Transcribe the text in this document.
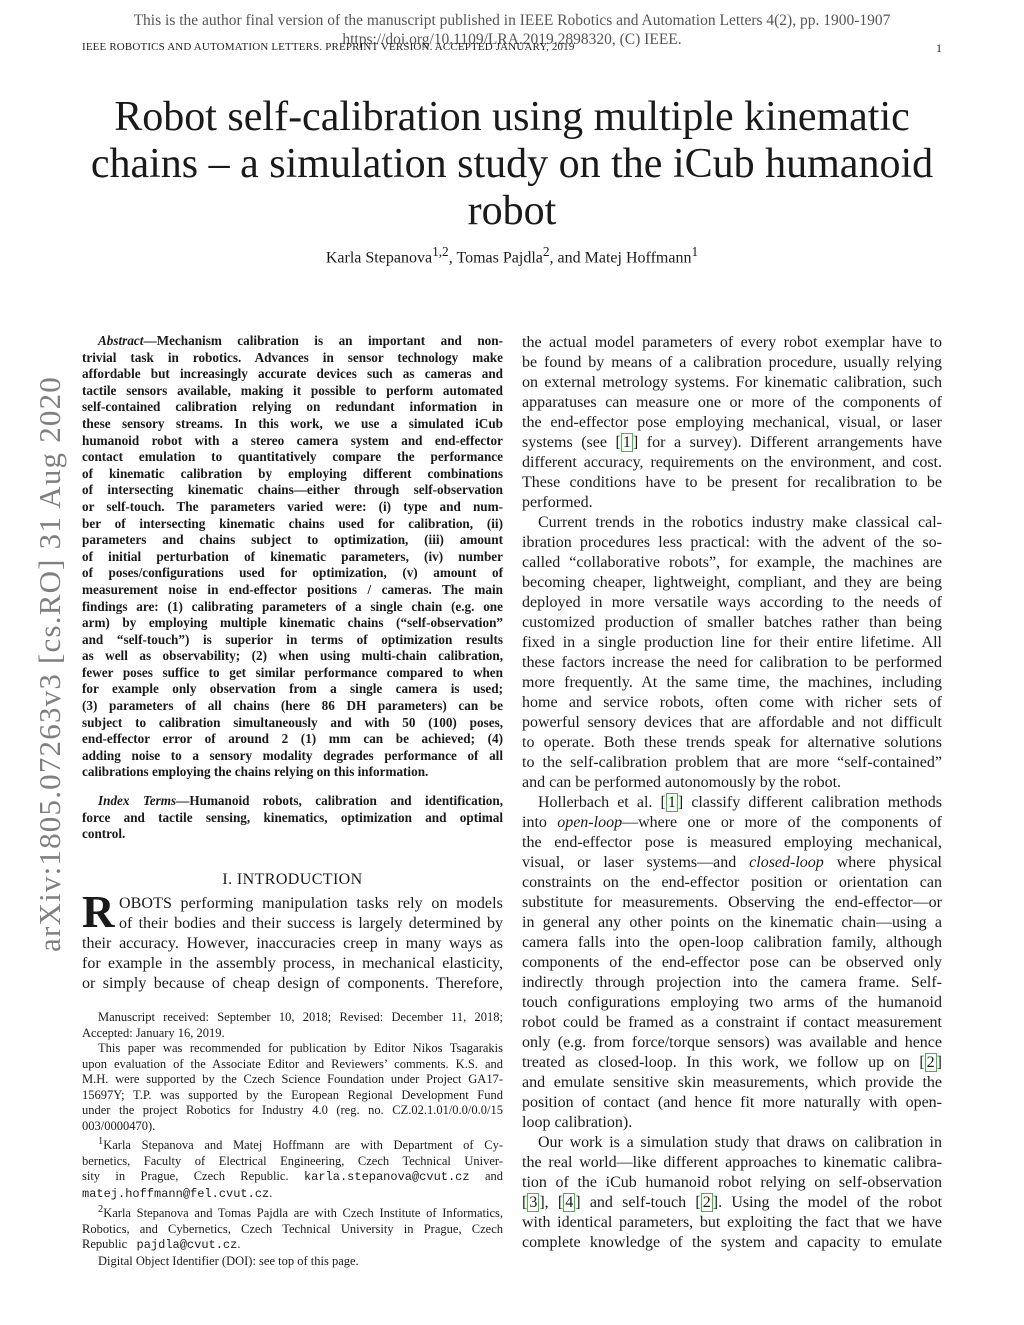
This is the author final version of the manuscript published in IEEE Robotics and Automation Letters 4(2), pp. 1900-1907
https://doi.org/10.1109/LRA.2019.2898320, (C) IEEE.
IEEE ROBOTICS AND AUTOMATION LETTERS. PREPRINT VERSION. ACCEPTED JANUARY, 2019	1
arXiv:1805.07263v3 [cs.RO] 31 Aug 2020
Robot self-calibration using multiple kinematic
chains – a simulation study on the iCub humanoid
robot
Karla Stepanova$^{1,2}$, Tomas Pajdla$^2$, and Matej Hoffmann$^1$
Abstract—Mechanism calibration is an important and non-
trivial task in robotics. Advances in sensor technology make
affordable but increasingly accurate devices such as cameras and
tactile sensors available, making it possible to perform automated
self-contained calibration relying on redundant information in
these sensory streams. In this work, we use a simulated iCub
humanoid robot with a stereo camera system and end-effector
contact emulation to quantitatively compare the performance
of kinematic calibration by employing different combinations
of intersecting kinematic chains—either through self-observation
or self-touch. The parameters varied were: (i) type and num-
ber of intersecting kinematic chains used for calibration, (ii)
parameters and chains subject to optimization, (iii) amount
of initial perturbation of kinematic parameters, (iv) number
of poses/configurations used for optimization, (v) amount of
measurement noise in end-effector positions / cameras. The main
findings are: (1) calibrating parameters of a single chain (e.g. one
arm) by employing multiple kinematic chains (“self-observation”
and “self-touch”) is superior in terms of optimization results
as well as observability; (2) when using multi-chain calibration,
fewer poses suffice to get similar performance compared to when
for example only observation from a single camera is used;
(3) parameters of all chains (here 86 DH parameters) can be
subject to calibration simultaneously and with 50 (100) poses,
end-effector error of around 2 (1) mm can be achieved; (4)
adding noise to a sensory modality degrades performance of all
calibrations employing the chains relying on this information.
Index Terms—Humanoid robots, calibration and identification,
force and tactile sensing, kinematics, optimization and optimal
control.
I. INTRODUCTION
R OBOTS performing manipulation tasks rely on models
of their bodies and their success is largely determined by
their accuracy. However, inaccuracies creep in many ways as
for example in the assembly process, in mechanical elasticity,
or simply because of cheap design of components. Therefore,
Manuscript received: September 10, 2018; Revised: December 11, 2018;
Accepted: January 16, 2019.
This paper was recommended for publication by Editor Nikos Tsagarakis
upon evaluation of the Associate Editor and Reviewers’ comments. K.S. and
M.H. were supported by the Czech Science Foundation under Project GA17-
15697Y; T.P. was supported by the European Regional Development Fund
under the project Robotics for Industry 4.0 (reg. no. CZ.02.1.01/0.0/0.0/15
003/0000470).
$^1$Karla Stepanova and Matej Hoffmann are with Department of Cy-
bernetics, Faculty of Electrical Engineering, Czech Technical Univer-
sity in Prague, Czech Republic. karla.stepanova@cvut.cz and
matej.hoffmann@fel.cvut.cz.
$^2$Karla Stepanova and Tomas Pajdla are with Czech Institute of Informatics,
Robotics, and Cybernetics, Czech Technical University in Prague, Czech
Republic pajdla@cvut.cz.
Digital Object Identifier (DOI): see top of this page.
the actual model parameters of every robot exemplar have to
be found by means of a calibration procedure, usually relying
on external metrology systems. For kinematic calibration, such
apparatuses can measure one or more of the components of
the end-effector pose employing mechanical, visual, or laser
systems (see [ 1 ] for a survey). Different arrangements have
different accuracy, requirements on the environment, and cost.
These conditions have to be present for recalibration to be
performed.
Current trends in the robotics industry make classical cal-
ibration procedures less practical: with the advent of the so-
called “collaborative robots”, for example, the machines are
becoming cheaper, lightweight, compliant, and they are being
deployed in more versatile ways according to the needs of
customized production of smaller batches rather than being
fixed in a single production line for their entire lifetime. All
these factors increase the need for calibration to be performed
more frequently. At the same time, the machines, including
home and service robots, often come with richer sets of
powerful sensory devices that are affordable and not difficult
to operate. Both these trends speak for alternative solutions
to the self-calibration problem that are more “self-contained”
and can be performed autonomously by the robot.
Hollerbach et al. [ 1 ] classify different calibration methods
into open-loop—where one or more of the components of
the end-effector pose is measured employing mechanical,
visual, or laser systems—and closed-loop where physical
constraints on the end-effector position or orientation can
substitute for measurements. Observing the end-effector—or
in general any other points on the kinematic chain—using a
camera falls into the open-loop calibration family, although
components of the end-effector pose can be observed only
indirectly through projection into the camera frame. Self-
touch configurations employing two arms of the humanoid
robot could be framed as a constraint if contact measurement
only (e.g. from force/torque sensors) was available and hence
treated as closed-loop. In this work, we follow up on [ 2 ]
and emulate sensitive skin measurements, which provide the
position of contact (and hence fit more naturally with open-
loop calibration).
Our work is a simulation study that draws on calibration in
the real world—like different approaches to kinematic calibra-
tion of the iCub humanoid robot relying on self-observation
[ 3 ], [ 4 ] and self-touch [ 2 ]. Using the model of the robot
with identical parameters, but exploiting the fact that we have
complete knowledge of the system and capacity to emulate
